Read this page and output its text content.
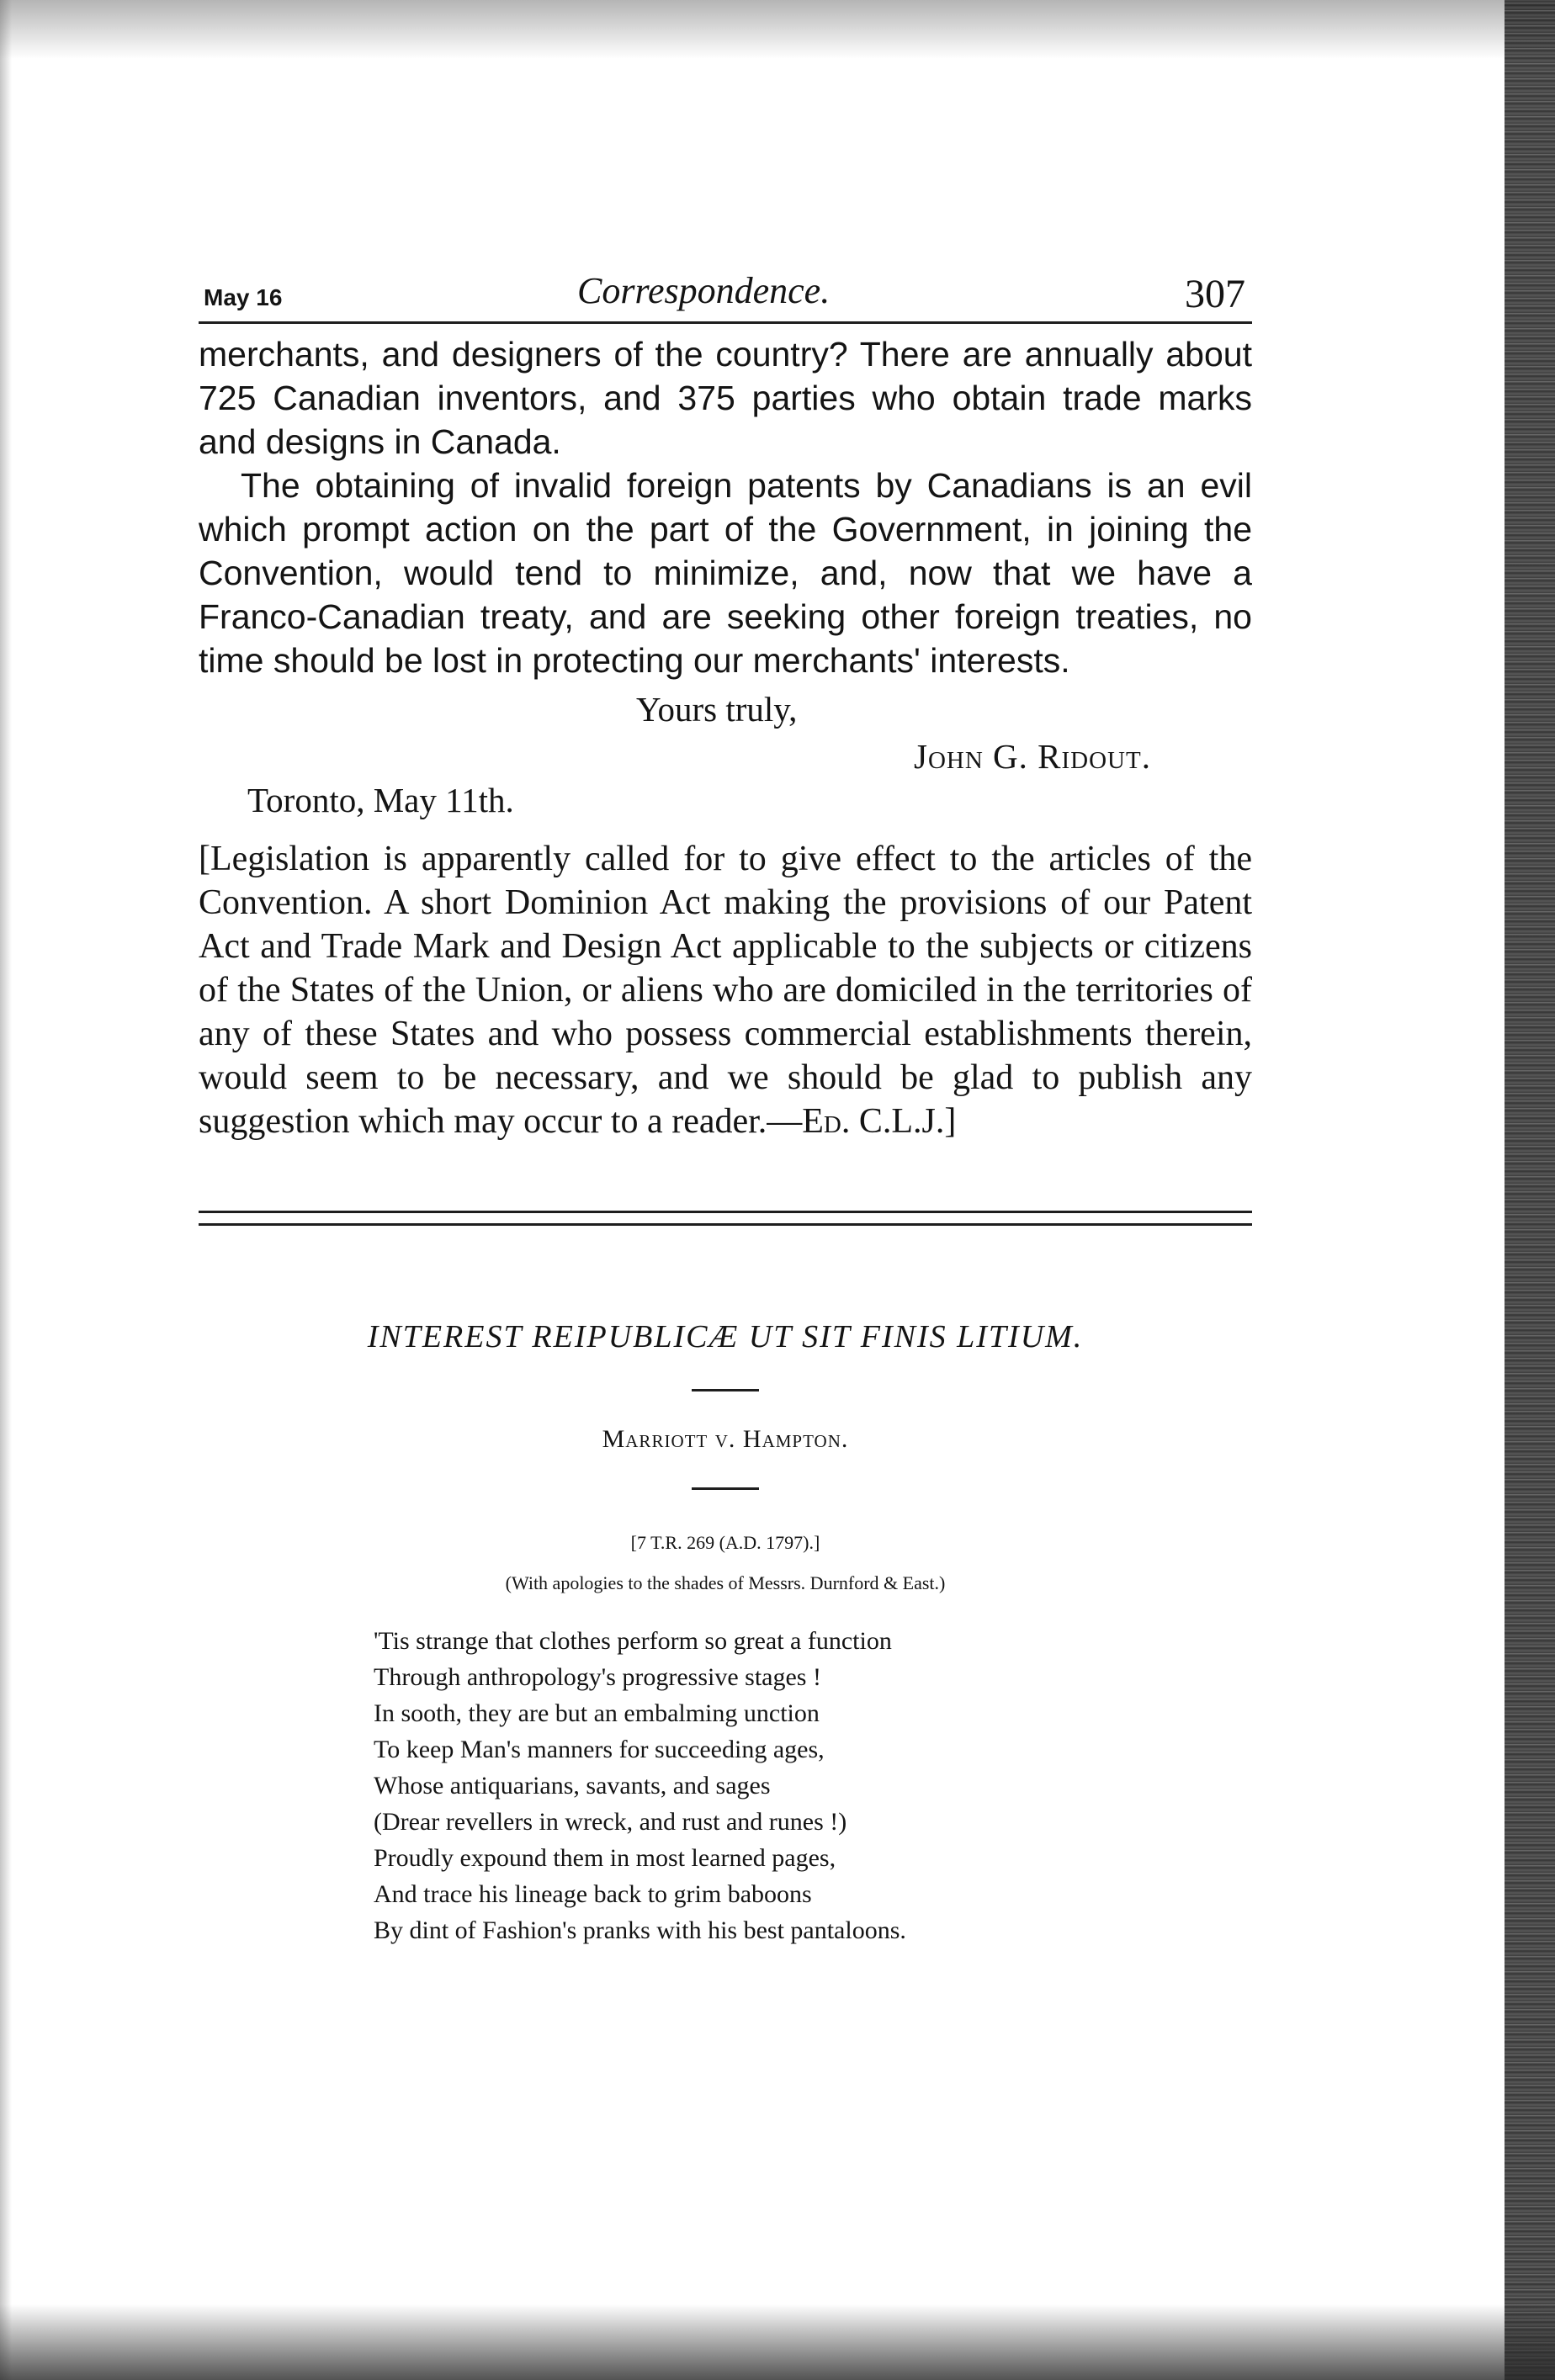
May 16	Correspondence.	307

merchants, and designers of the country? There are annually about 725 Canadian inventors, and 375 parties who obtain trade marks and designs in Canada.

The obtaining of invalid foreign patents by Canadians is an evil which prompt action on the part of the Government, in joining the Convention, would tend to minimize, and, now that we have a Franco-Canadian treaty, and are seeking other foreign treaties, no time should be lost in protecting our merchants' interests.

Yours truly,
John G. Ridout.
Toronto, May 11th.
[Legislation is apparently called for to give effect to the articles of the Convention. A short Dominion Act making the provisions of our Patent Act and Trade Mark and Design Act applicable to the subjects or citizens of the States of the Union, or aliens who are domiciled in the territories of any of these States and who possess commercial establishments therein, would seem to be necessary, and we should be glad to publish any suggestion which may occur to a reader.—Ed. C.L.J.]
INTEREST REIPUBLICÆ UT SIT FINIS LITIUM.
Marriott v. Hampton.
[7 T.R. 269 (A.D. 1797).]
(With apologies to the shades of Messrs. Durnford & East.)
'Tis strange that clothes perform so great a function
Through anthropology's progressive stages !
In sooth, they are but an embalming unction
To keep Man's manners for succeeding ages,
Whose antiquarians, savants, and sages
(Drear revellers in wreck, and rust and runes !)
Proudly expound them in most learned pages,
And trace his lineage back to grim baboons
By dint of Fashion's pranks with his best pantaloons.
